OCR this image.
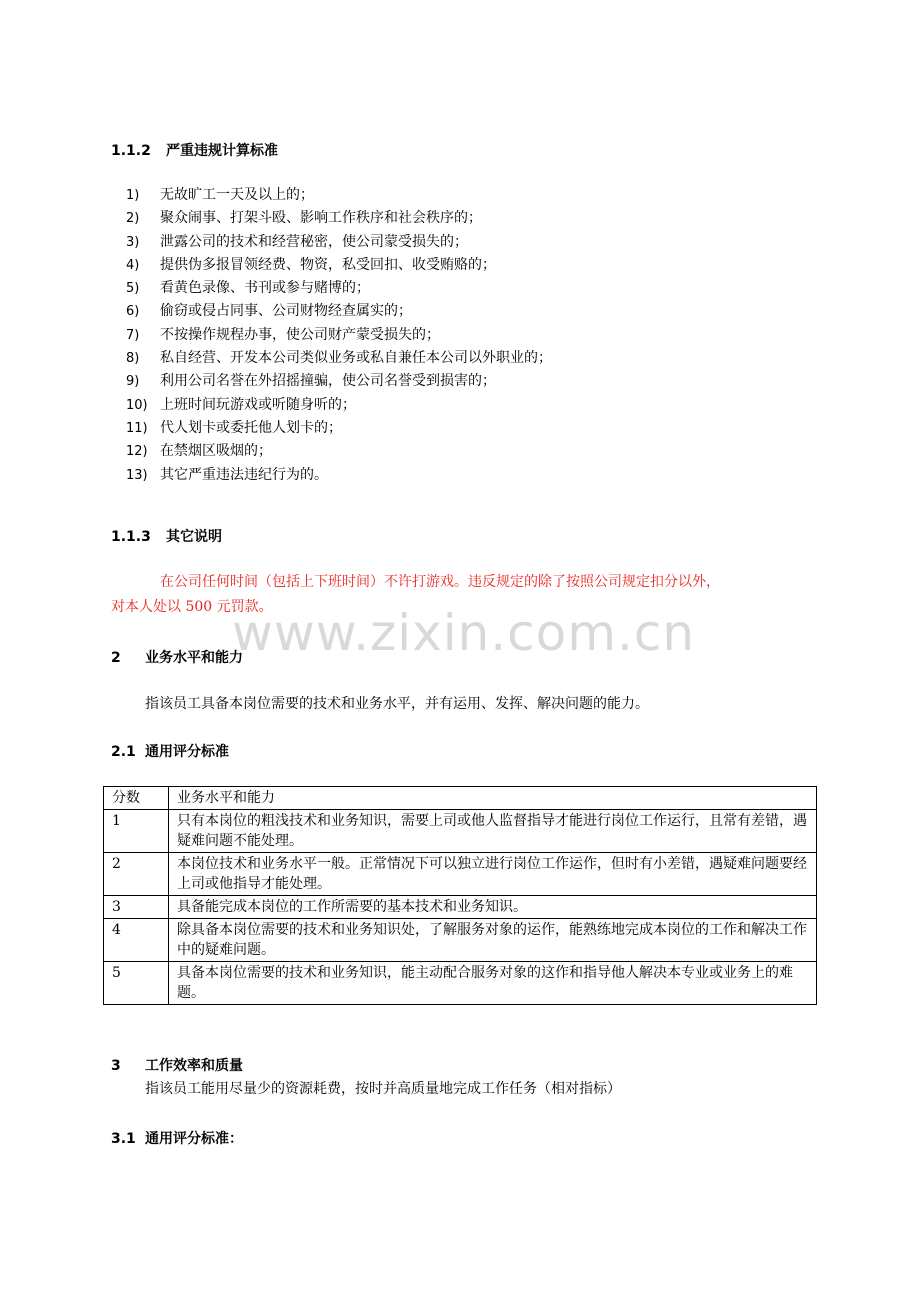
1.1.2 严重违规计算标准
1) 无故旷工一天及以上的；
2) 聚众闹事、打架斗殴、影响工作秩序和社会秩序的；
3) 泄露公司的技术和经营秘密，使公司蒙受损失的；
4) 提供伪多报冒领经费、物资，私受回扣、收受贿赂的；
5) 看黄色录像、书刊或参与赌博的；
6) 偷窃或侵占同事、公司财物经查属实的；
7) 不按操作规程办事，使公司财产蒙受损失的；
8) 私自经营、开发本公司类似业务或私自兼任本公司以外职业的；
9) 利用公司名誉在外招摇撞骗，使公司名誉受到损害的；
10) 上班时间玩游戏或听随身听的；
11) 代人划卡或委托他人划卡的；
12) 在禁烟区吸烟的；
13) 其它严重违法违纪行为的。
1.1.3 其它说明
在公司任何时间（包括上下班时间）不许打游戏。违反规定的除了按照公司规定扣分以外，
对本人处以 500 元罚款。
www.zixin.com.cn
2 业务水平和能力
指该员工具备本岗位需要的技术和业务水平，并有运用、发挥、解决问题的能力。
2.1 通用评分标准
分数	业务水平和能力
1	只有本岗位的粗浅技术和业务知识，需要上司或他人监督指导才能进行岗位工作运行，且常有差错，遇疑难问题不能处理。
2	本岗位技术和业务水平一般。正常情况下可以独立进行岗位工作运作，但时有小差错，遇疑难问题要经上司或他指导才能处理。
3	具备能完成本岗位的工作所需要的基本技术和业务知识。
4	除具备本岗位需要的技术和业务知识处，了解服务对象的运作，能熟练地完成本岗位的工作和解决工作中的疑难问题。
5	具备本岗位需要的技术和业务知识，能主动配合服务对象的这作和指导他人解决本专业或业务上的难题。
3 工作效率和质量
指该员工能用尽量少的资源耗费，按时并高质量地完成工作任务（相对指标）
3.1 通用评分标准：
